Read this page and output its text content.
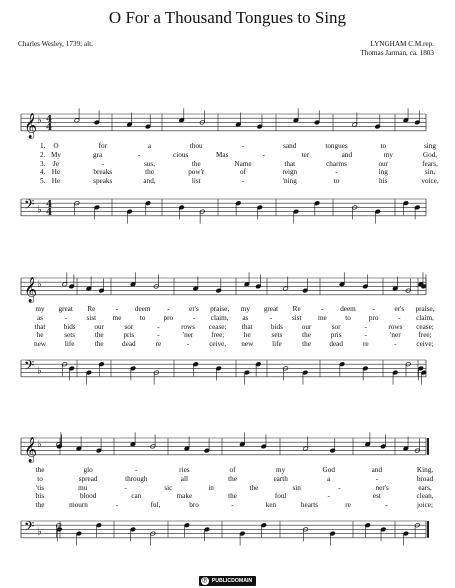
O For a Thousand Tongues to Sing
Charles Wesley, 1739; alt.	LYNGHAM C.M.rep.
Thomas Jarman, ca. 1803
𝄞 ♭ 4
4
1.
2.
3.
4.
5.
O	for	a	thou	-	sand	tongues	to	sing
My	gra	-	cious	Mas	-	ter	and	my	God,
Je	-	sus,	the	Name	that	charms	our	fears,
He	breaks	the	pow'r	of	reign	-	ing	sin,
He	speaks	and,	list	-	'ning	to	his	voice,
𝄢 ♭ 4
4
𝄞 ♭
my great Re	- deem -	er's praise, my great Re	- deem -	er's praise,
as	-	sist me	to	pro	- claim, as	-	sist me	to	pro	- claim,
that	bids	our	sor	-	rows cease; that	bids	our	sor	-	rows cease;
he	sets	the	pris	-	'ner free;	he	sets	the	pris	-	'ner free;
new	life	the	dead	re	-	ceive, new	life	the	dead	re	-	ceive;
𝄢 ♭
𝄞 ♭
the	glo	-	ries	of	my	God	and	King,
to	spread	through	all	the	earth	a	-	broad
'tis	mu	-	sic	in	the	sin	-	ner's	ears,
his	blood	can	make	the	foul	-	est	clean,
the	mourn	-	ful,	bro	-	ken	hearts	re	-	joice;
𝄢 ♭
Ⓟ PUBLICDOMAIN
